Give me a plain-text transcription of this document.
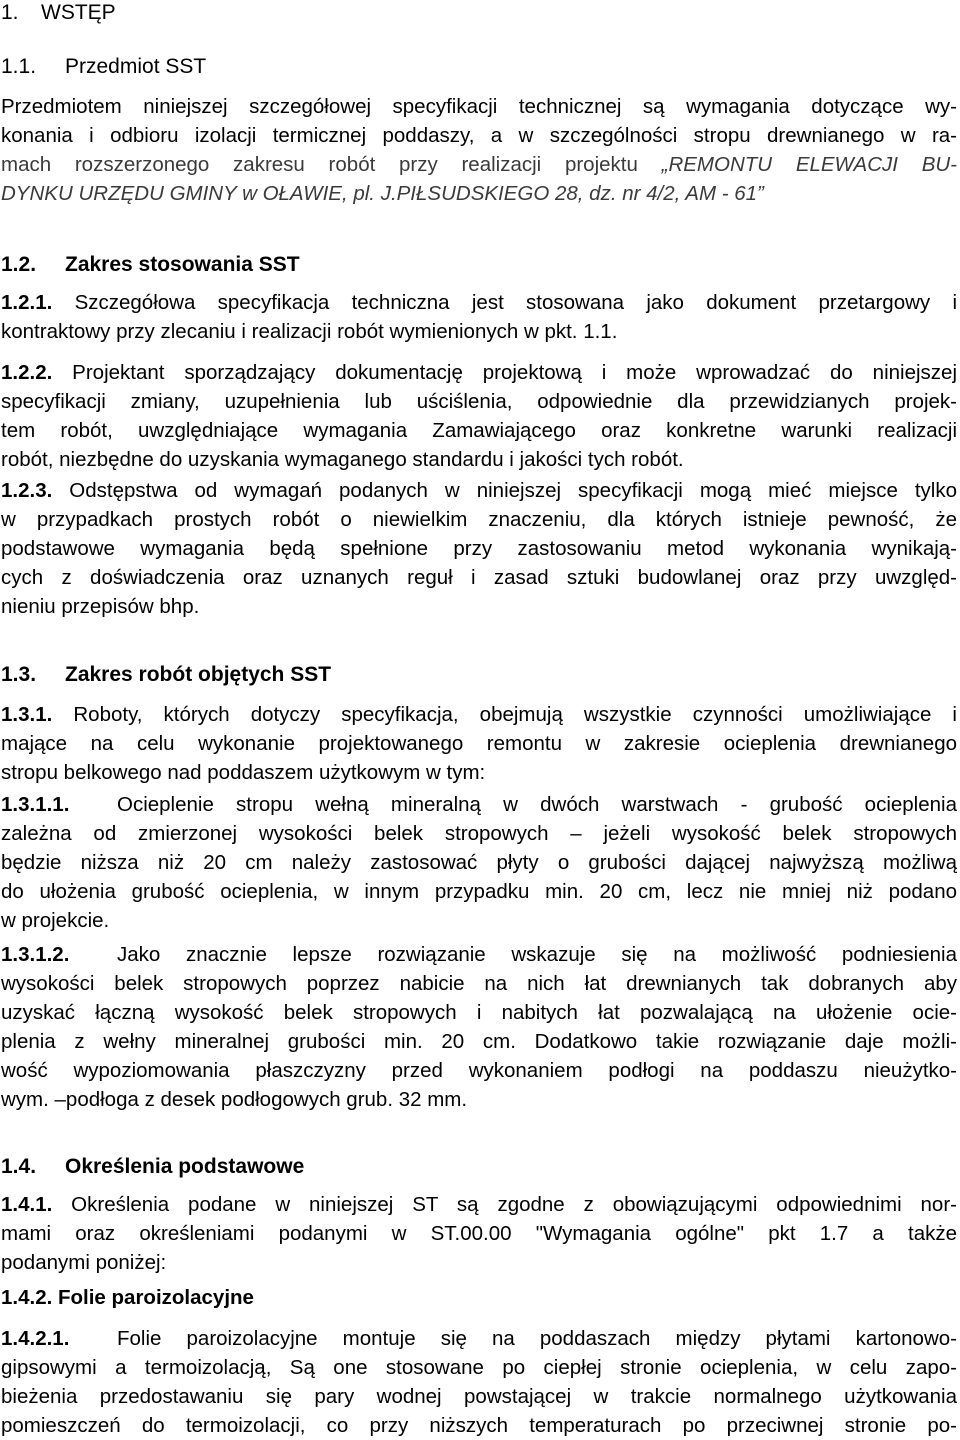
1. WSTĘP
1.1. Przedmiot SST
Przedmiotem niniejszej szczegółowej specyfikacji technicznej są wymagania dotyczące wy-
konania i odbioru izolacji termicznej poddaszy, a w szczególności stropu drewnianego w ra-
mach rozszerzonego zakresu robót przy realizacji projektu „REMONTU ELEWACJI BU-
DYNKU URZĘDU GMINY w OŁAWIE, pl. J.PIŁSUDSKIEGO 28, dz. nr 4/2, AM - 61”
1.2. Zakres stosowania SST
1.2.1. Szczegółowa specyfikacja techniczna jest stosowana jako dokument przetargowy i
kontraktowy przy zlecaniu i realizacji robót wymienionych w pkt. 1.1.
1.2.2. Projektant sporządzający dokumentację projektową i może wprowadzać do niniejszej
specyfikacji zmiany, uzupełnienia lub uściślenia, odpowiednie dla przewidzianych projek-
tem robót, uwzględniające wymagania Zamawiającego oraz konkretne warunki realizacji
robót, niezbędne do uzyskania wymaganego standardu i jakości tych robót.
1.2.3. Odstępstwa od wymagań podanych w niniejszej specyfikacji mogą mieć miejsce tylko
w przypadkach prostych robót o niewielkim znaczeniu, dla których istnieje pewność, że
podstawowe wymagania będą spełnione przy zastosowaniu metod wykonania wynikają-
cych z doświadczenia oraz uznanych reguł i zasad sztuki budowlanej oraz przy uwzględ-
nieniu przepisów bhp.
1.3. Zakres robót objętych SST
1.3.1. Roboty, których dotyczy specyfikacja, obejmują wszystkie czynności umożliwiające i
mające na celu wykonanie projektowanego remontu w zakresie ocieplenia drewnianego
stropu belkowego nad poddaszem użytkowym w tym:
1.3.1.1. Ocieplenie stropu wełną mineralną w dwóch warstwach - grubość ocieplenia
zależna od zmierzonej wysokości belek stropowych – jeżeli wysokość belek stropowych
będzie niższa niż 20 cm należy zastosować płyty o grubości dającej najwyższą możliwą
do ułożenia grubość ocieplenia, w innym przypadku min. 20 cm, lecz nie mniej niż podano
w projekcie.
1.3.1.2. Jako znacznie lepsze rozwiązanie wskazuje się na możliwość podniesienia
wysokości belek stropowych poprzez nabicie na nich łat drewnianych tak dobranych aby
uzyskać łączną wysokość belek stropowych i nabitych łat pozwalającą na ułożenie ocie-
plenia z wełny mineralnej grubości min. 20 cm. Dodatkowo takie rozwiązanie daje możli-
wość wypoziomowania płaszczyzny przed wykonaniem podłogi na poddaszu nieużytko-
wym. –podłoga z desek podłogowych grub. 32 mm.
1.4. Określenia podstawowe
1.4.1. Określenia podane w niniejszej ST są zgodne z obowiązującymi odpowiednimi nor-
mami oraz określeniami podanymi w ST.00.00 "Wymagania ogólne" pkt 1.7 a także
podanymi poniżej:
1.4.2. Folie paroizolacyjne
1.4.2.1. Folie paroizolacyjne montuje się na poddaszach między płytami kartonowo-
gipsowymi a termoizolacją, Są one stosowane po ciepłej stronie ocieplenia, w celu zapo-
bieżenia przedostawaniu się pary wodnej powstającej w trakcie normalnego użytkowania
pomieszczeń do termoizolacji, co przy niższych temperaturach po przeciwnej stronie po-
